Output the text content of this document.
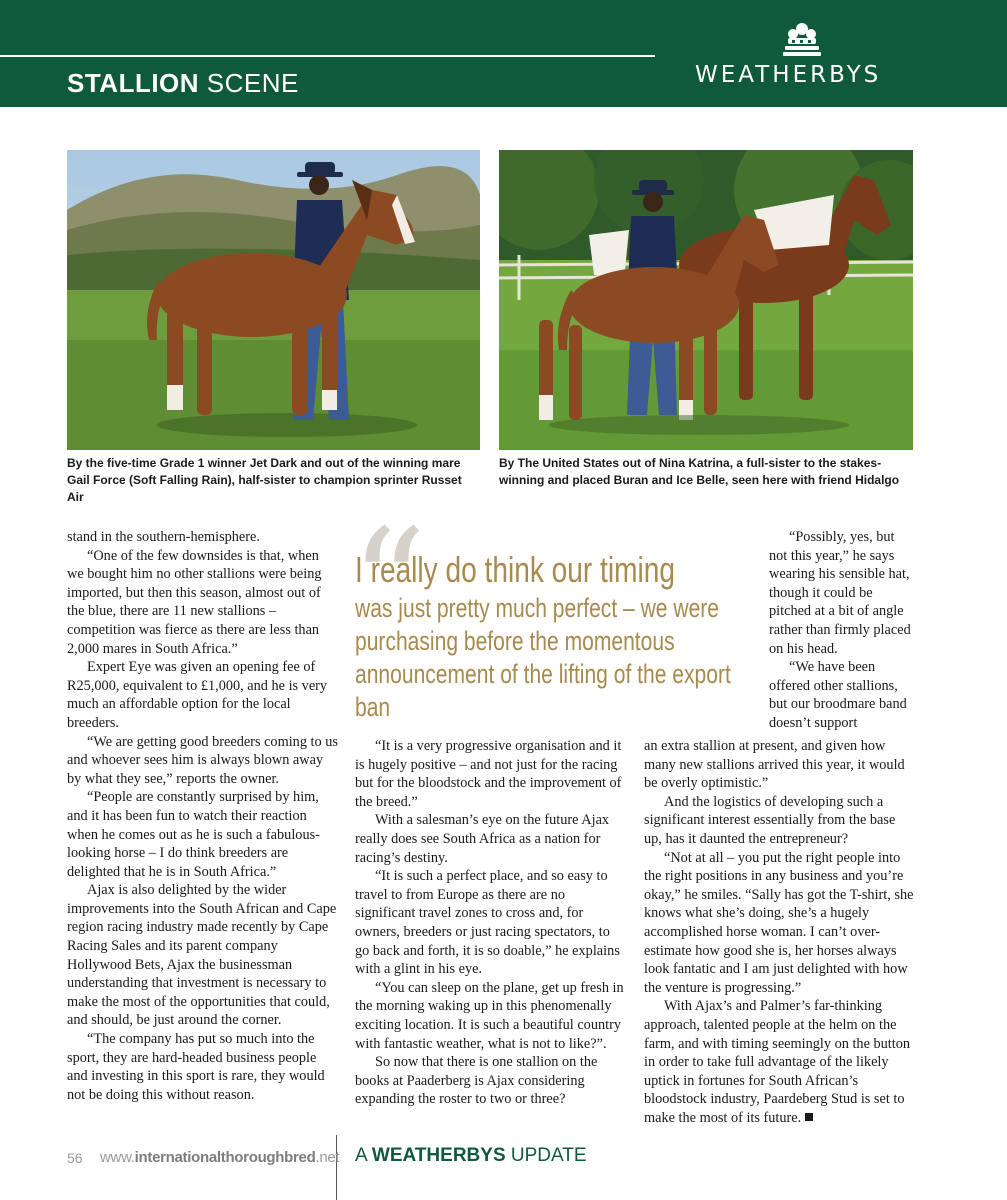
STALLION SCENE	WEATHERBYS
By the five-time Grade 1 winner Jet Dark and out of the winning mare Gail Force (Soft Falling Rain), half-sister to champion sprinter Russet Air
By The United States out of Nina Katrina, a full-sister to the stakes-winning and placed Buran and Ice Belle, seen here with friend Hidalgo

stand in the southern-hemisphere.

“One of the few downsides is that, when we bought him no other stallions were being imported, but then this season, almost out of the blue, there are 11 new stallions – competition was fierce as there are less than 2,000 mares in South Africa.”

Expert Eye was given an opening fee of R25,000, equivalent to £1,000, and he is very much an affordable option for the local breeders.

“We are getting good breeders coming to us and whoever sees him is always blown away by what they see,” reports the owner.

“People are constantly surprised by him, and it has been fun to watch their reaction when he comes out as he is such a fabulous-looking horse – I do think breeders are delighted that he is in South Africa.”

Ajax is also delighted by the wider improvements into the South African and Cape region racing industry made recently by Cape Racing Sales and its parent company Hollywood Bets, Ajax the businessman understanding that investment is necessary to make the most of the opportunities that could, and should, be just around the corner.

“The company has put so much into the sport, they are hard-headed business people and investing in this sport is rare, they would not be doing this without reason.

“
I really do think our timing
was just pretty much perfect – we were purchasing before the momentous announcement of the lifting of the export ban

“It is a very progressive organisation and it is hugely positive – and not just for the racing but for the bloodstock and the improvement of the breed.”

With a salesman’s eye on the future Ajax really does see South Africa as a nation for racing’s destiny.

“It is such a perfect place, and so easy to travel to from Europe as there are no significant travel zones to cross and, for owners, breeders or just racing spectators, to go back and forth, it is so doable,” he explains with a glint in his eye.

“You can sleep on the plane, get up fresh in the morning waking up in this phenomenally exciting location. It is such a beautiful country with fantastic weather, what is not to like?”.

So now that there is one stallion on the books at Paaderberg is Ajax considering expanding the roster to two or three?

“Possibly, yes, but not this year,” he says wearing his sensible hat, though it could be pitched at a bit of angle rather than firmly placed on his head.

“We have been offered other stallions, but our broodmare band doesn’t support

an extra stallion at present, and given how many new stallions arrived this year, it would be overly optimistic.”

And the logistics of developing such a significant interest essentially from the base up, has it daunted the entrepreneur?

“Not at all – you put the right people into the right positions in any business and you’re okay,” he smiles. “Sally has got the T-shirt, she knows what she’s doing, she’s a hugely accomplished horse woman. I can’t over-estimate how good she is, her horses always look fantatic and I am just delighted with how the venture is progressing.”

With Ajax’s and Palmer’s far-thinking approach, talented people at the helm on the farm, and with timing seemingly on the button in order to take full advantage of the likely uptick in fortunes for South African’s bloodstock industry, Paardeberg Stud is set to make the most of its future.

56 www.internationalthoroughbred.net A WEATHERBYS UPDATE
